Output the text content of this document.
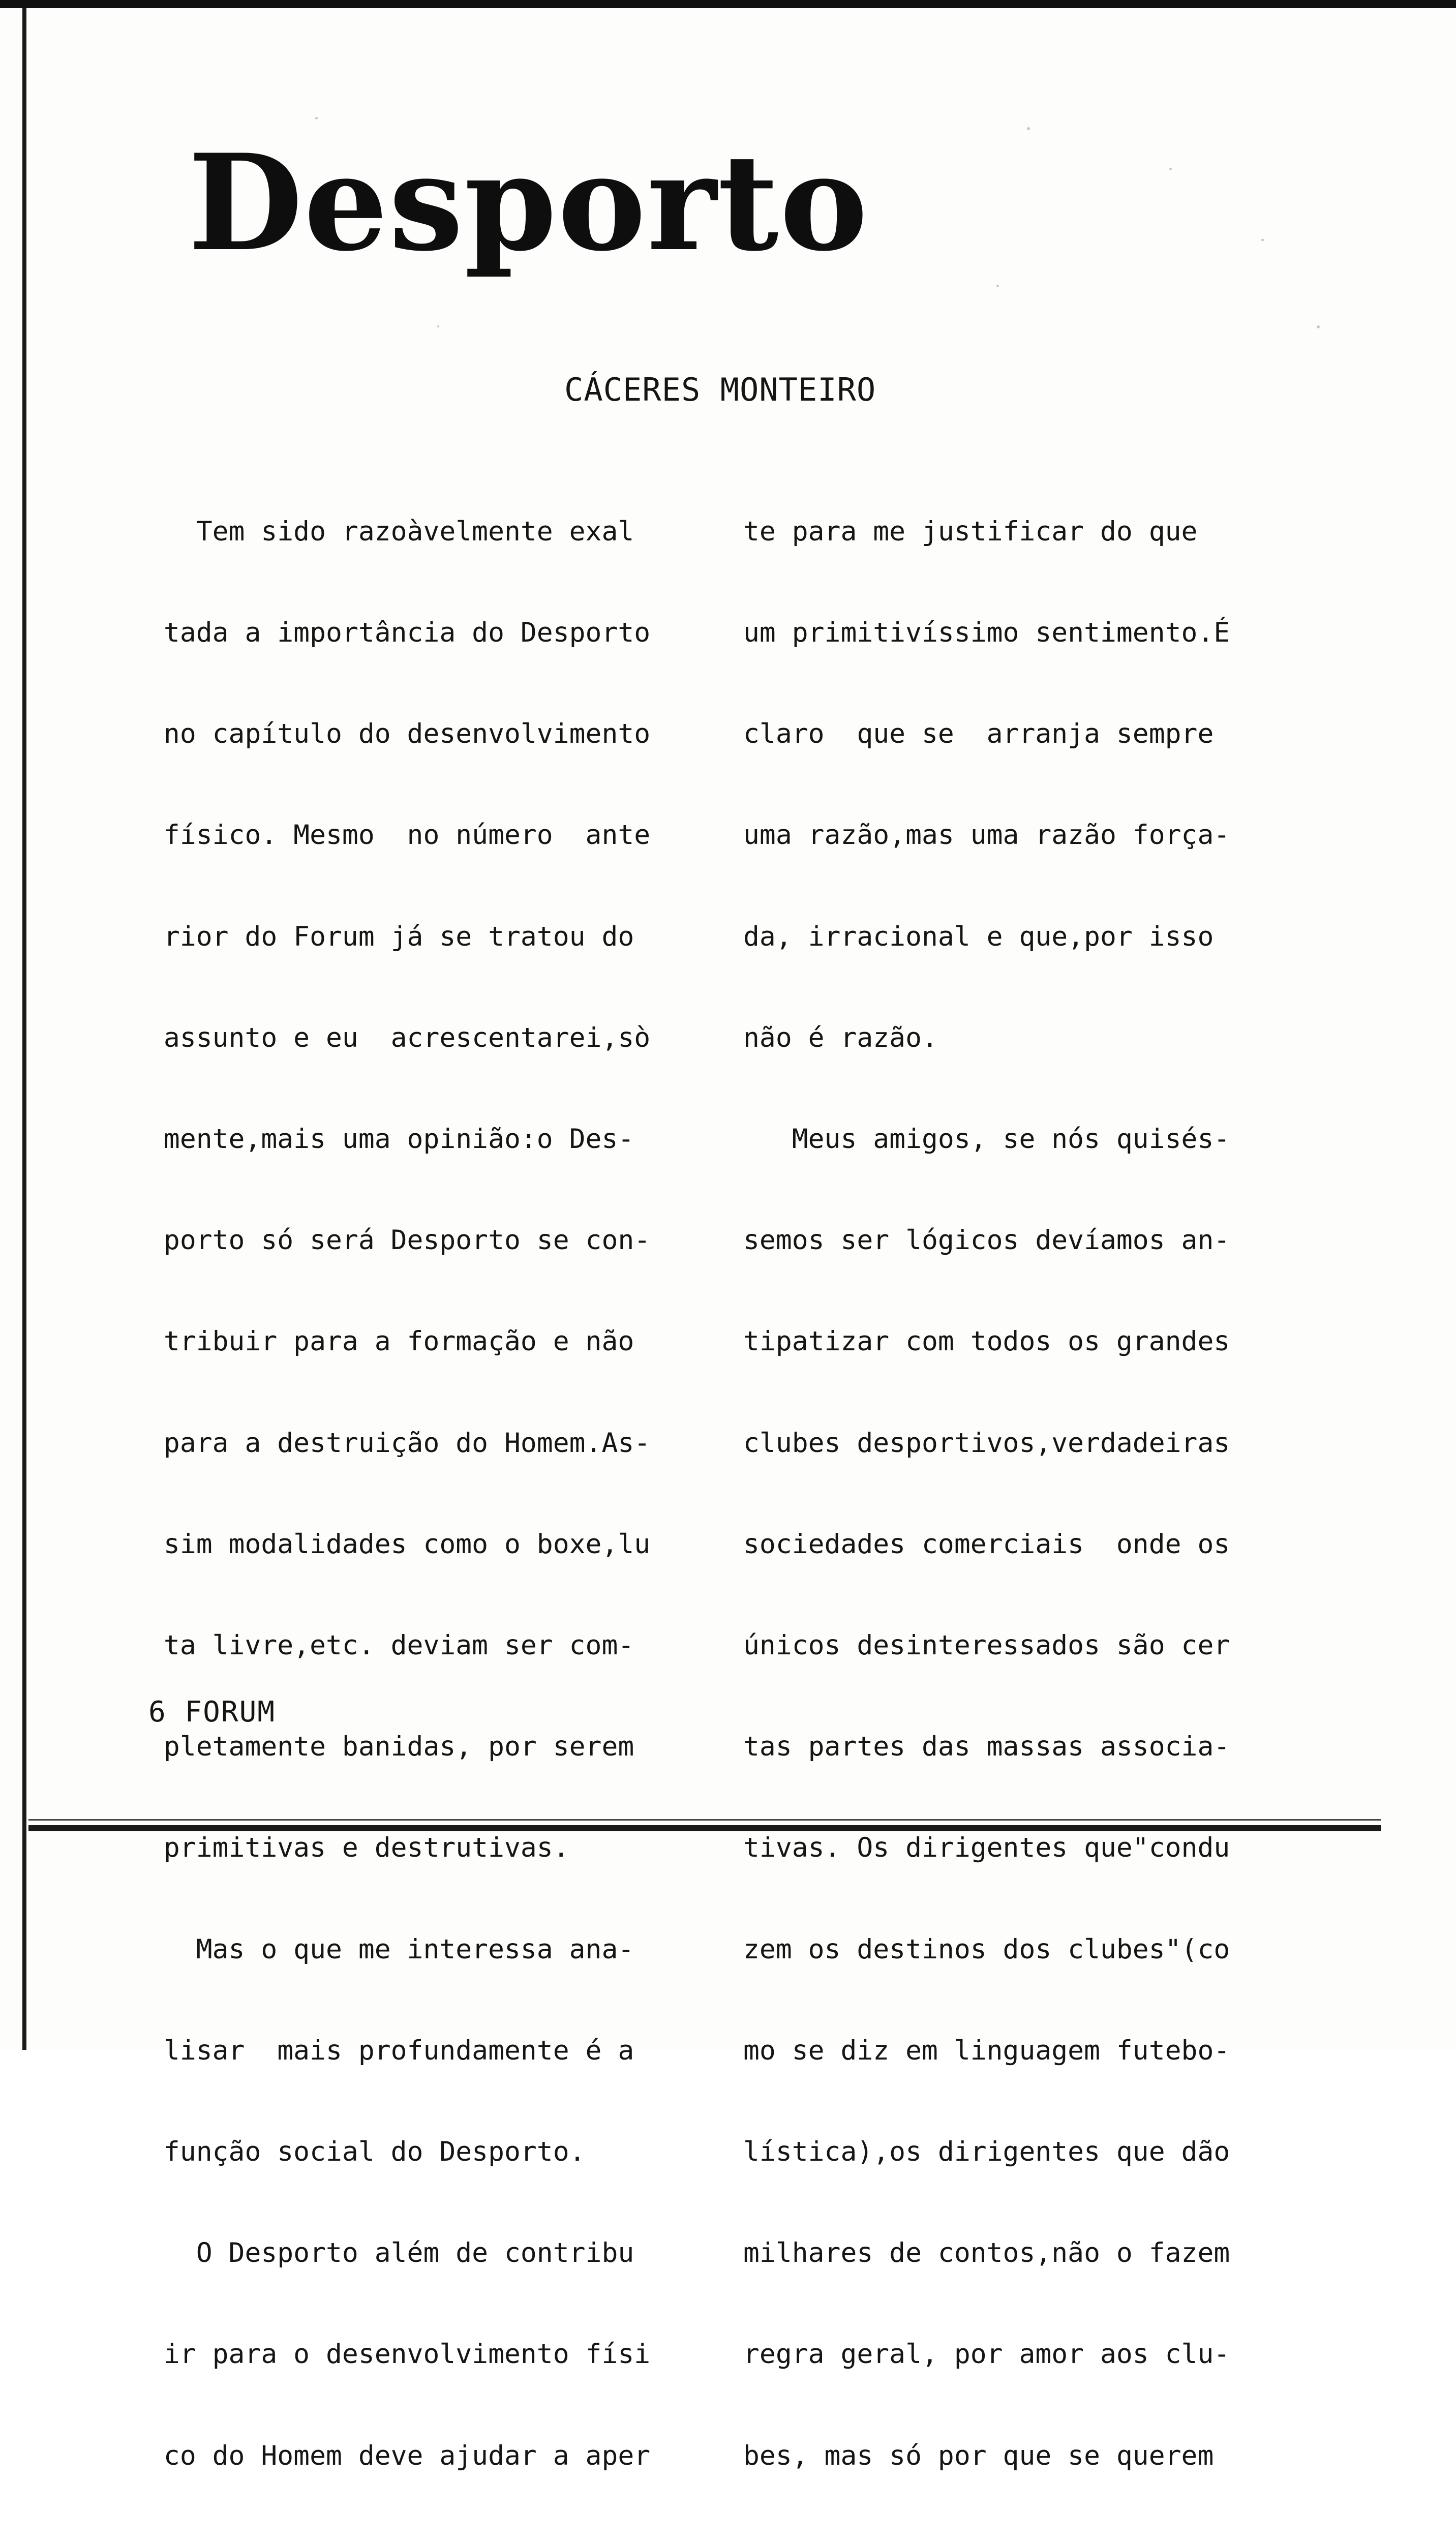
Desporto

CÁCERES MONTEIRO

Tem sido razoàvelmente exal

tada a importância do Desporto

no capítulo do desenvolvimento

físico. Mesmo  no número  ante

rior do Forum já se tratou do

assunto e eu  acrescentarei,sò

mente,mais uma opinião:o Des-

porto só será Desporto se con-

tribuir para a formação e não

para a destruição do Homem.As-

sim modalidades como o boxe,lu

ta livre,etc. deviam ser com-

pletamente banidas, por serem

primitivas e destrutivas.

Mas o que me interessa ana-

lisar  mais profundamente é a

função social do Desporto.

O Desporto além de contribu

ir para o desenvolvimento físi

co do Homem deve ajudar a aper

te para me justificar do que

um primitivíssimo sentimento.É

claro  que se  arranja sempre

uma razão,mas uma razão força-

da, irracional e que,por isso

não é razão.

Meus amigos, se nós quisés-

semos ser lógicos devíamos an-

tipatizar com todos os grandes

clubes desportivos,verdadeiras

sociedades comerciais  onde os

únicos desinteressados são cer

tas partes das massas associa-

tivas. Os dirigentes que"condu

zem os destinos dos clubes"(co

mo se diz em linguagem futebo-

lística),os dirigentes que dão

milhares de contos,não o fazem

regra geral, por amor aos clu-

bes, mas só por que se querem

6 FORUM
